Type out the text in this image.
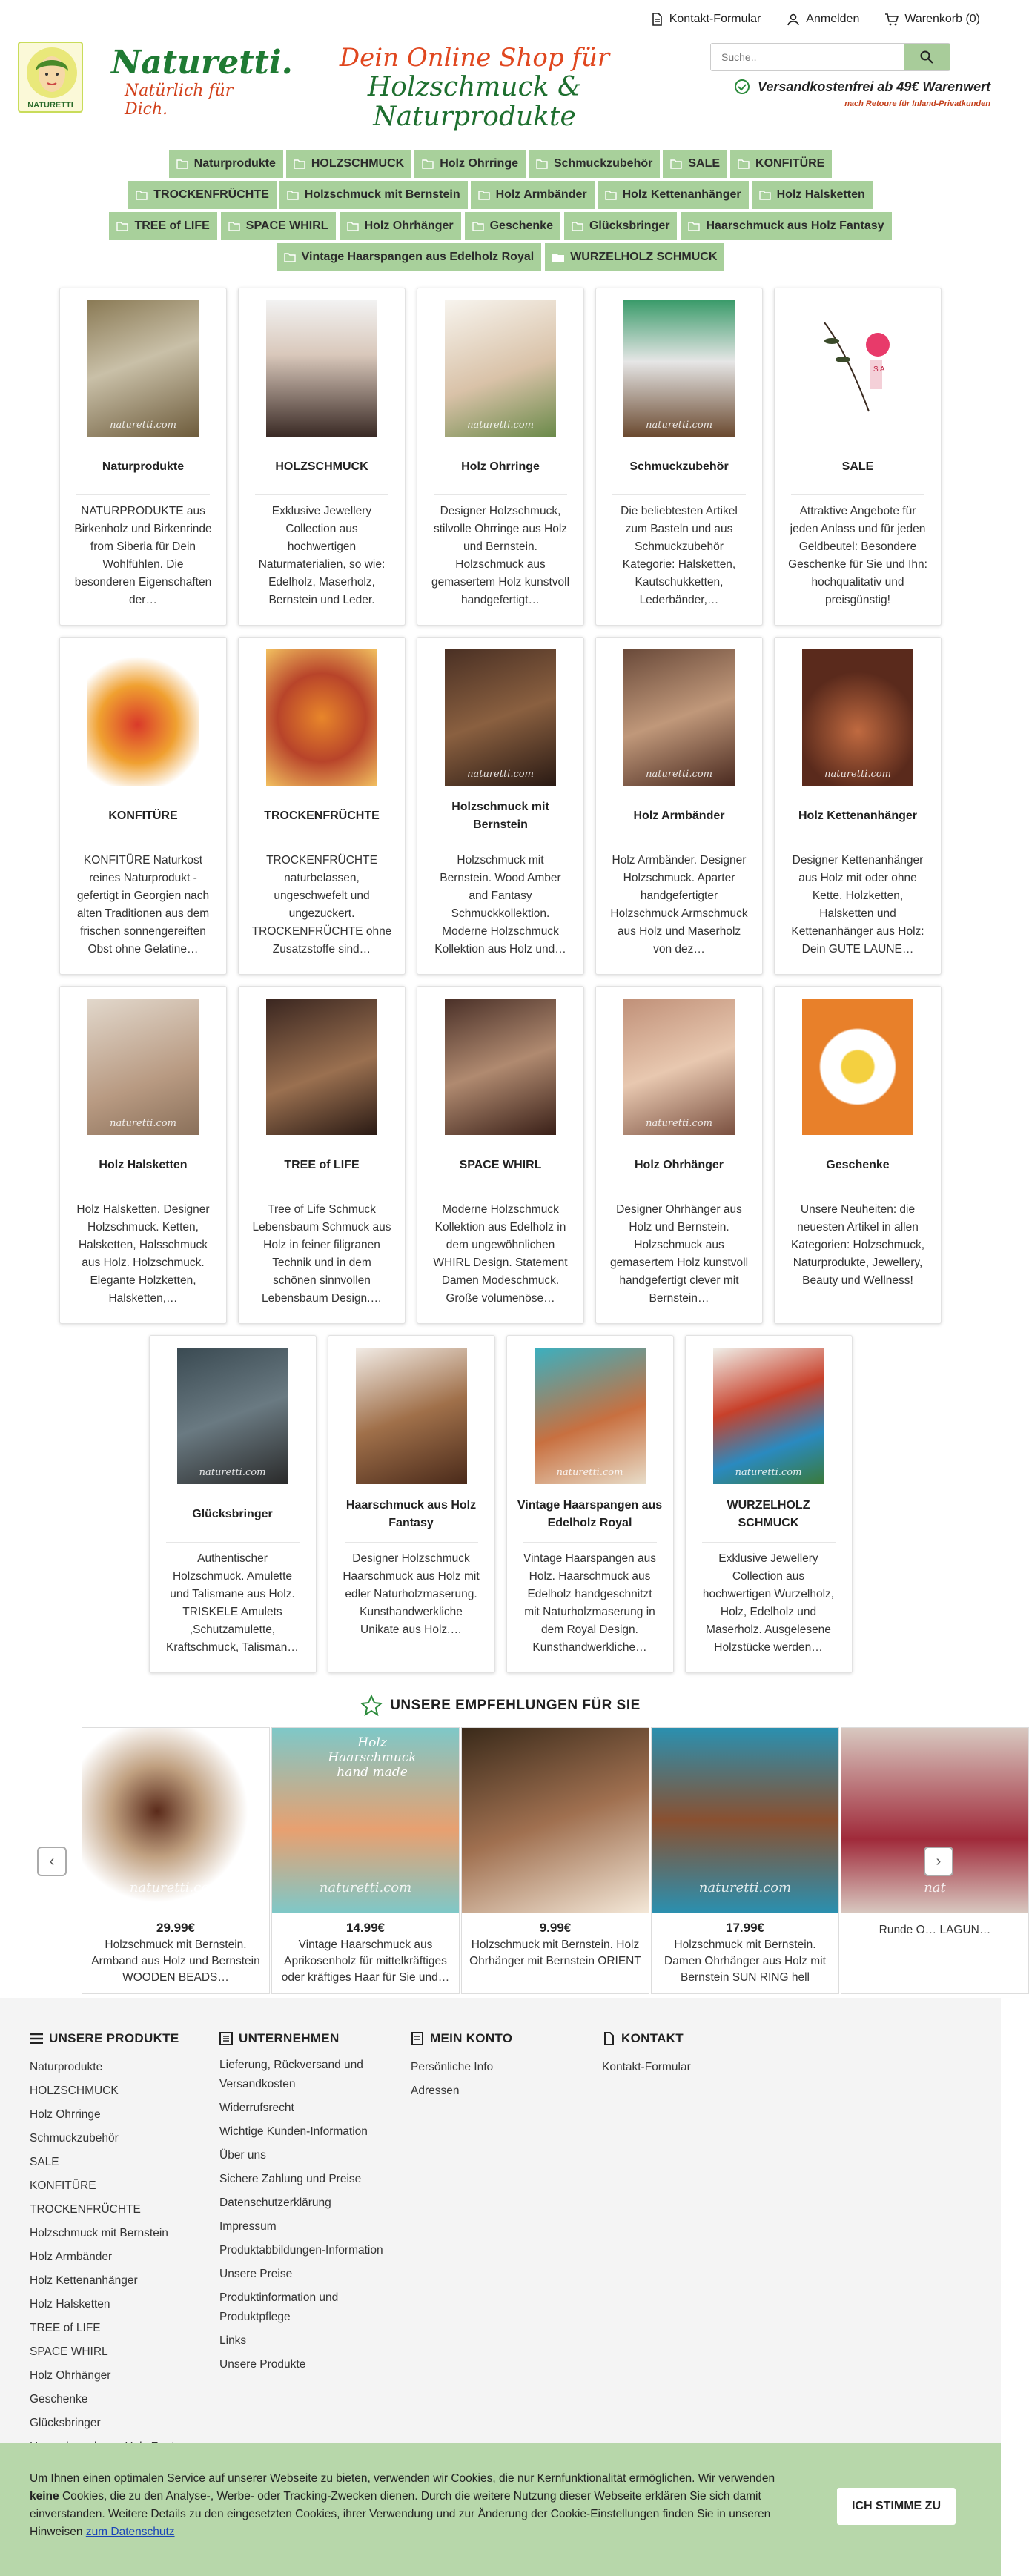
Kontakt-Formular	Anmelden	Warenkorb (0)
NATURETTI
Naturetti.
Natürlich für Dich.
Dein Online Shop für
Holzschmuck & Naturprodukte
Suche..
Versandkostenfrei ab 49€ Warenwert
nach Retoure für Inland-Privatkunden
Naturprodukte	HOLZSCHMUCK	Holz Ohrringe	Schmuckzubehör	SALE	KONFITÜRE
TROCKENFRÜCHTE	Holzschmuck mit Bernstein	Holz Armbänder	Holz Kettenanhänger	Holz Halsketten
TREE of LIFE	SPACE WHIRL	Holz Ohrhänger	Geschenke	Glücksbringer	Haarschmuck aus Holz Fantasy
Vintage Haarspangen aus Edelholz Royal	WURZELHOLZ SCHMUCK
naturetti.com
Naturprodukte
NATURPRODUKTE aus Birkenholz und Birkenrinde from Siberia für Dein Wohlfühlen. Die besonderen Eigenschaften der…
HOLZSCHMUCK
Exklusive Jewellery Collection aus hochwertigen Naturmaterialien, so wie: Edelholz, Maserholz, Bernstein und Leder.
naturetti.com
Holz Ohrringe
Designer Holzschmuck, stilvolle Ohrringe aus Holz und Bernstein. Holzschmuck aus gemasertem Holz kunstvoll handgefertigt…
naturetti.com
Schmuckzubehör
Die beliebtesten Artikel zum Basteln und aus Schmuckzubehör Kategorie: Halsketten, Kautschukketten, Lederbänder,…
naturetti.com
S A
SALE
Attraktive Angebote für jeden Anlass und für jeden Geldbeutel: Besondere Geschenke für Sie und Ihn: hochqualitativ und preisgünstig!
KONFITÜRE
KONFITÜRE Naturkost reines Naturprodukt - gefertigt in Georgien nach alten Traditionen aus dem frischen sonnengereiften Obst ohne Gelatine…
TROCKENFRÜCHTE
TROCKENFRÜCHTE naturbelassen, ungeschwefelt und ungezuckert. TROCKENFRÜCHTE ohne Zusatzstoffe sind…
naturetti.com
Holzschmuck mit Bernstein
Holzschmuck mit Bernstein. Wood Amber and Fantasy Schmuckkollektion. Moderne Holzschmuck Kollektion aus Holz und…
naturetti.com
Holz Armbänder
Holz Armbänder. Designer Holzschmuck. Aparter handgefertigter Holzschmuck Armschmuck aus Holz und Maserholz von dez…
naturetti.com
Holz Kettenanhänger
Designer Kettenanhänger aus Holz mit oder ohne Kette. Holzketten, Halsketten und Kettenanhänger aus Holz: Dein GUTE LAUNE…
naturetti.com
Holz Halsketten
Holz Halsketten. Designer Holzschmuck. Ketten, Halsketten, Halsschmuck aus Holz. Holzschmuck. Elegante Holzketten, Halsketten,…
TREE of LIFE
Tree of Life Schmuck Lebensbaum Schmuck aus Holz in feiner filigranen Technik und in dem schönen sinnvollen Lebensbaum Design.…
SPACE WHIRL
Moderne Holzschmuck Kollektion aus Edelholz in dem ungewöhnlichen WHIRL Design. Statement Damen Modeschmuck. Große volumenöse…
naturetti.com
Holz Ohrhänger
Designer Ohrhänger aus Holz und Bernstein. Holzschmuck aus gemasertem Holz kunstvoll handgefertigt clever mit Bernstein…
Geschenke
Unsere Neuheiten: die neuesten Artikel in allen Kategorien: Holzschmuck, Naturprodukte, Jewellery, Beauty und Wellness!
naturetti.com
Glücksbringer
Authentischer Holzschmuck. Amulette und Talismane aus Holz. TRISKELE Amulets ,Schutzamulette, Kraftschmuck, Talisman…
Haarschmuck aus Holz Fantasy
Designer Holzschmuck Haarschmuck aus Holz mit edler Naturholzmaserung. Kunsthandwerkliche Unikate aus Holz.…
naturetti.com
Vintage Haarspangen aus Edelholz Royal
Vintage Haarspangen aus Holz. Haarschmuck aus Edelholz handgeschnitzt mit Naturholzmaserung in dem Royal Design. Kunsthandwerkliche…
naturetti.com
WURZELHOLZ SCHMUCK
Exklusive Jewellery Collection aus hochwertigen Wurzelholz, Holz, Edelholz und Maserholz. Ausgelesene Holzstücke werden…
UNSERE EMPFEHLUNGEN FÜR SIE
‹
naturetti.com
29.99€
Holzschmuck mit Bernstein. Armband aus Holz und Bernstein WOODEN BEADS…
Holz Haarschmuck hand made
naturetti.com
14.99€
Vintage Haarschmuck aus Aprikosenholz für mittelkräftiges oder kräftiges Haar für Sie und…
9.99€
Holzschmuck mit Bernstein. Holz Ohrhänger mit Bernstein ORIENT
naturetti.com
17.99€
Holzschmuck mit Bernstein. Damen Ohrhänger aus Holz mit Bernstein SUN RING hell
nat
Runde O… LAGUN…
›
UNSERE PRODUKTE
Naturprodukte
HOLZSCHMUCK
Holz Ohrringe
Schmuckzubehör
SALE
KONFITÜRE
TROCKENFRÜCHTE
Holzschmuck mit Bernstein
Holz Armbänder
Holz Kettenanhänger
Holz Halsketten
TREE of LIFE
SPACE WHIRL
Holz Ohrhänger
Geschenke
Glücksbringer
UNTERNEHMEN
Lieferung, Rückversand und Versandkosten
Widerrufsrecht
Wichtige Kunden-Information
Über uns
Sichere Zahlung und Preise
Datenschutzerklärung
Impressum
Produktabbildungen-Information
Unsere Preise
Produktinformation und Produktpflege
Links
Unsere Produkte
MEIN KONTO
Persönliche Info
Adressen
KONTAKT
Kontakt-Formular

Um Ihnen einen optimalen Service auf unserer Webseite zu bieten, verwenden wir Cookies, die nur Kernfunktionalität ermöglichen. Wir verwenden keine Cookies, die zu den Analyse-, Werbe- oder Tracking-Zwecken dienen. Durch die weitere Nutzung dieser Webseite erklären Sie sich damit einverstanden. Weitere Details zu den eingesetzten Cookies, ihrer Verwendung und zur Änderung der Cookie-Einstellungen finden Sie in unseren Hinweisen zum Datenschutz

ICH STIMME ZU
